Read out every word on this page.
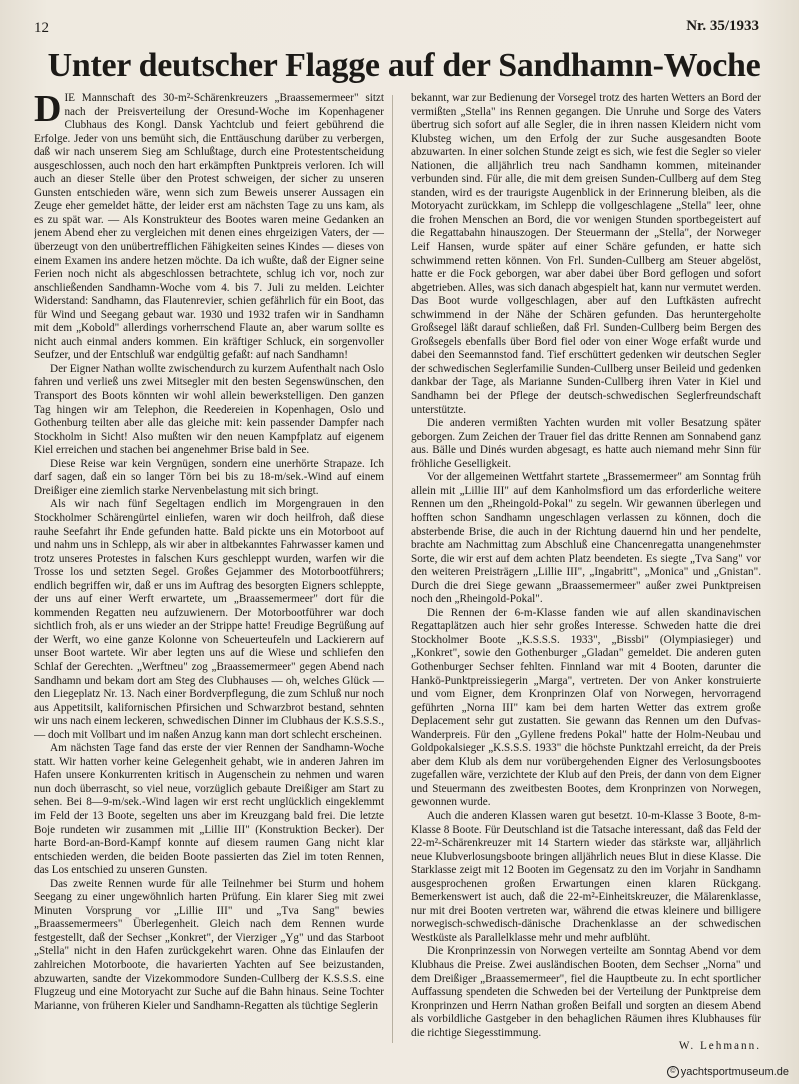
12	Nr. 35/1933
Unter deutscher Flagge auf der Sandhamn-Woche

DIE Mannschaft des 30-m²-Schärenkreuzers „Braassemermeer" sitzt nach der Preisverteilung der Oresund-Woche im Kopenhagener Clubhaus des Kongl. Dansk Yachtclub und feiert gebührend die Erfolge. Jeder von uns bemüht sich, die Enttäuschung darüber zu verbergen, daß wir nach unserem Sieg am Schlußtage, durch eine Protestentscheidung ausgeschlossen, auch noch den hart erkämpften Punktpreis verloren. Ich will auch an dieser Stelle über den Protest schweigen, der sicher zu unseren Gunsten entschieden wäre, wenn sich zum Beweis unserer Aussagen ein Zeuge eher gemeldet hätte, der leider erst am nächsten Tage zu uns kam, als es zu spät war. — Als Konstrukteur des Bootes waren meine Gedanken an jenem Abend eher zu vergleichen mit denen eines ehrgeizigen Vaters, der — überzeugt von den unübertrefflichen Fähigkeiten seines Kindes — dieses von einem Examen ins andere hetzen möchte. Da ich wußte, daß der Eigner seine Ferien noch nicht als abgeschlossen betrachtete, schlug ich vor, noch zur anschließenden Sandhamn-Woche vom 4. bis 7. Juli zu melden. Leichter Widerstand: Sandhamn, das Flautenrevier, schien gefährlich für ein Boot, das für Wind und Seegang gebaut war. 1930 und 1932 trafen wir in Sandhamn mit dem „Kobold" allerdings vorherrschend Flaute an, aber warum sollte es nicht auch einmal anders kommen. Ein kräftiger Schluck, ein sorgenvoller Seufzer, und der Entschluß war endgültig gefaßt: auf nach Sandhamn!

Der Eigner Nathan wollte zwischendurch zu kurzem Aufenthalt nach Oslo fahren und verließ uns zwei Mitsegler mit den besten Segenswünschen, den Transport des Boots könnten wir wohl allein bewerkstelligen. Den ganzen Tag hingen wir am Telephon, die Reedereien in Kopenhagen, Oslo und Gothenburg teilten aber alle das gleiche mit: kein passender Dampfer nach Stockholm in Sicht! Also mußten wir den neuen Kampfplatz auf eigenem Kiel erreichen und stachen bei angenehmer Brise bald in See.

Diese Reise war kein Vergnügen, sondern eine unerhörte Strapaze. Ich darf sagen, daß ein so langer Törn bei bis zu 18-m/sek.-Wind auf einem Dreißiger eine ziemlich starke Nervenbelastung mit sich bringt.

Als wir nach fünf Segeltagen endlich im Morgengrauen in den Stockholmer Schärengürtel einliefen, waren wir doch heilfroh, daß diese rauhe Seefahrt ihr Ende gefunden hatte. Bald pickte uns ein Motorboot auf und nahm uns in Schlepp, als wir aber in altbekanntes Fahrwasser kamen und trotz unseres Protestes in falschen Kurs geschleppt wurden, warfen wir die Trosse los und setzten Segel. Großes Gejammer des Motorbootführers; endlich begriffen wir, daß er uns im Auftrag des besorgten Eigners schleppte, der uns auf einer Werft erwartete, um „Braassemermeer" dort für die kommenden Regatten neu aufzuwienern. Der Motorbootführer war doch sichtlich froh, als er uns wieder an der Strippe hatte! Freudige Begrüßung auf der Werft, wo eine ganze Kolonne von Scheuerteufeln und Lackierern auf unser Boot wartete. Wir aber legten uns auf die Wiese und schliefen den Schlaf der Gerechten. „Werftneu" zog „Braassemermeer" gegen Abend nach Sandhamn und bekam dort am Steg des Clubhauses — oh, welches Glück — den Liegeplatz Nr. 13. Nach einer Bordverpflegung, die zum Schluß nur noch aus Appetitsilt, kalifornischen Pfirsichen und Schwarzbrot bestand, sehnten wir uns nach einem leckeren, schwedischen Dinner im Clubhaus der K.S.S.S., — doch mit Vollbart und im naßen Anzug kann man dort schlecht erscheinen.

Am nächsten Tage fand das erste der vier Rennen der Sandhamn-Woche statt. Wir hatten vorher keine Gelegenheit gehabt, wie in anderen Jahren im Hafen unsere Konkurrenten kritisch in Augenschein zu nehmen und waren nun doch überrascht, so viel neue, vorzüglich gebaute Dreißiger am Start zu sehen. Bei 8—9-m/sek.-Wind lagen wir erst recht unglücklich eingeklemmt im Feld der 13 Boote, segelten uns aber im Kreuzgang bald frei. Die letzte Boje rundeten wir zusammen mit „Lillie III" (Konstruktion Becker). Der harte Bord-an-Bord-Kampf konnte auf diesem raumen Gang nicht klar entschieden werden, die beiden Boote passierten das Ziel im toten Rennen, das Los entschied zu unseren Gunsten.

Das zweite Rennen wurde für alle Teilnehmer bei Sturm und hohem Seegang zu einer ungewöhnlich harten Prüfung. Ein klarer Sieg mit zwei Minuten Vorsprung vor „Lillie III" und „Tva Sang" bewies „Braassemermeers" Überlegenheit. Gleich nach dem Rennen wurde festgestellt, daß der Sechser „Konkret", der Vierziger „Yg" und das Starboot „Stella" nicht in den Hafen zurückgekehrt waren. Ohne das Einlaufen der zahlreichen Motorboote, die havarierten Yachten auf See beizustanden, abzuwarten, sandte der Vizekommodore Sunden-Cullberg der K.S.S.S. eine Flugzeug und eine Motoryacht zur Suche auf die Bahn hinaus. Seine Tochter Marianne, von früheren Kieler und Sandhamn-Regatten als tüchtige Seglerin

bekannt, war zur Bedienung der Vorsegel trotz des harten Wetters an Bord der vermißten „Stella" ins Rennen gegangen. Die Unruhe und Sorge des Vaters übertrug sich sofort auf alle Segler, die in ihren nassen Kleidern nicht vom Klubsteg wichen, um den Erfolg der zur Suche ausgesandten Boote abzuwarten. In einer solchen Stunde zeigt es sich, wie fest die Segler so vieler Nationen, die alljährlich treu nach Sandhamn kommen, miteinander verbunden sind. Für alle, die mit dem greisen Sunden-Cullberg auf dem Steg standen, wird es der traurigste Augenblick in der Erinnerung bleiben, als die Motoryacht zurückkam, im Schlepp die vollgeschlagene „Stella" leer, ohne die frohen Menschen an Bord, die vor wenigen Stunden sportbegeistert auf die Regattabahn hinauszogen. Der Steuermann der „Stella", der Norweger Leif Hansen, wurde später auf einer Schäre gefunden, er hatte sich schwimmend retten können. Von Frl. Sunden-Cullberg am Steuer abgelöst, hatte er die Fock geborgen, war aber dabei über Bord geflogen und sofort abgetrieben. Alles, was sich danach abgespielt hat, kann nur vermutet werden. Das Boot wurde vollgeschlagen, aber auf den Luftkästen aufrecht schwimmend in der Nähe der Schären gefunden. Das heruntergeholte Großsegel läßt darauf schließen, daß Frl. Sunden-Cullberg beim Bergen des Großsegels ebenfalls über Bord fiel oder von einer Woge erfaßt wurde und dabei den Seemannstod fand. Tief erschüttert gedenken wir deutschen Segler der schwedischen Seglerfamilie Sunden-Cullberg unser Beileid und gedenken dankbar der Tage, als Marianne Sunden-Cullberg ihren Vater in Kiel und Sandhamn bei der Pflege der deutsch-schwedischen Seglerfreundschaft unterstützte.

Die anderen vermißten Yachten wurden mit voller Besatzung später geborgen. Zum Zeichen der Trauer fiel das dritte Rennen am Sonnabend ganz aus. Bälle und Dinés wurden abgesagt, es hatte auch niemand mehr Sinn für fröhliche Geselligkeit.

Vor der allgemeinen Wettfahrt startete „Brassemermeer" am Sonntag früh allein mit „Lillie III" auf dem Kanholmsfiord um das erforderliche weitere Rennen um den „Rheingold-Pokal" zu segeln. Wir gewannen überlegen und hofften schon Sandhamn ungeschlagen verlassen zu können, doch die absterbende Brise, die auch in der Richtung dauernd hin und her pendelte, brachte am Nachmittag zum Abschluß eine Chancenregatta unangenehmster Sorte, die wir erst auf dem achten Platz beendeten. Es siegte „Tva Sang" vor den weiteren Preisträgern „Lillie III", „Ingabritt", „Monica" und „Gnistan". Durch die drei Siege gewann „Braassemermeer" außer zwei Punktpreisen noch den „Rheingold-Pokal".

Die Rennen der 6-m-Klasse fanden wie auf allen skandinavischen Regattaplätzen auch hier sehr großes Interesse. Schweden hatte die drei Stockholmer Boote „K.S.S.S. 1933", „Bissbi" (Olympiasieger) und „Konkret", sowie den Gothenburger „Gladan" gemeldet. Die anderen guten Gothenburger Sechser fehlten. Finnland war mit 4 Booten, darunter die Hankö-Punktpreissiegerin „Marga", vertreten. Der von Anker konstruierte und vom Eigner, dem Kronprinzen Olaf von Norwegen, hervorragend geführten „Norna III" kam bei dem harten Wetter das extrem große Deplacement sehr gut zustatten. Sie gewann das Rennen um den Dufvas-Wanderpreis. Für den „Gyllene fredens Pokal" hatte der Holm-Neubau und Goldpokalsieger „K.S.S.S. 1933" die höchste Punktzahl erreicht, da der Preis aber dem Klub als dem nur vorübergehenden Eigner des Verlosungsbootes zugefallen wäre, verzichtete der Klub auf den Preis, der dann von dem Eigner und Steuermann des zweitbesten Bootes, dem Kronprinzen von Norwegen, gewonnen wurde.

Auch die anderen Klassen waren gut besetzt. 10-m-Klasse 3 Boote, 8-m-Klasse 8 Boote. Für Deutschland ist die Tatsache interessant, daß das Feld der 22-m²-Schärenkreuzer mit 14 Startern wieder das stärkste war, alljährlich neue Klubverlosungsboote bringen alljährlich neues Blut in diese Klasse. Die Starklasse zeigt mit 12 Booten im Gegensatz zu den im Vorjahr in Sandhamn ausgesprochenen großen Erwartungen einen klaren Rückgang. Bemerkenswert ist auch, daß die 22-m²-Einheitskreuzer, die Mälarenklasse, nur mit drei Booten vertreten war, während die etwas kleinere und billigere norwegisch-schwedisch-dänische Drachenklasse an der schwedischen Westküste als Parallelklasse mehr und mehr aufblüht.

Die Kronprinzessin von Norwegen verteilte am Sonntag Abend vor dem Klubhaus die Preise. Zwei ausländischen Booten, dem Sechser „Norna" und dem Dreißiger „Braassemermeer", fiel die Hauptbeute zu. In echt sportlicher Auffassung spendeten die Schweden bei der Verteilung der Punktpreise dem Kronprinzen und Herrn Nathan großen Beifall und sorgten an diesem Abend als vorbildliche Gastgeber in den behaglichen Räumen ihres Klubhauses für die richtige Siegesstimmung.

W. Lehmann.

© yachtsportmuseum.de
